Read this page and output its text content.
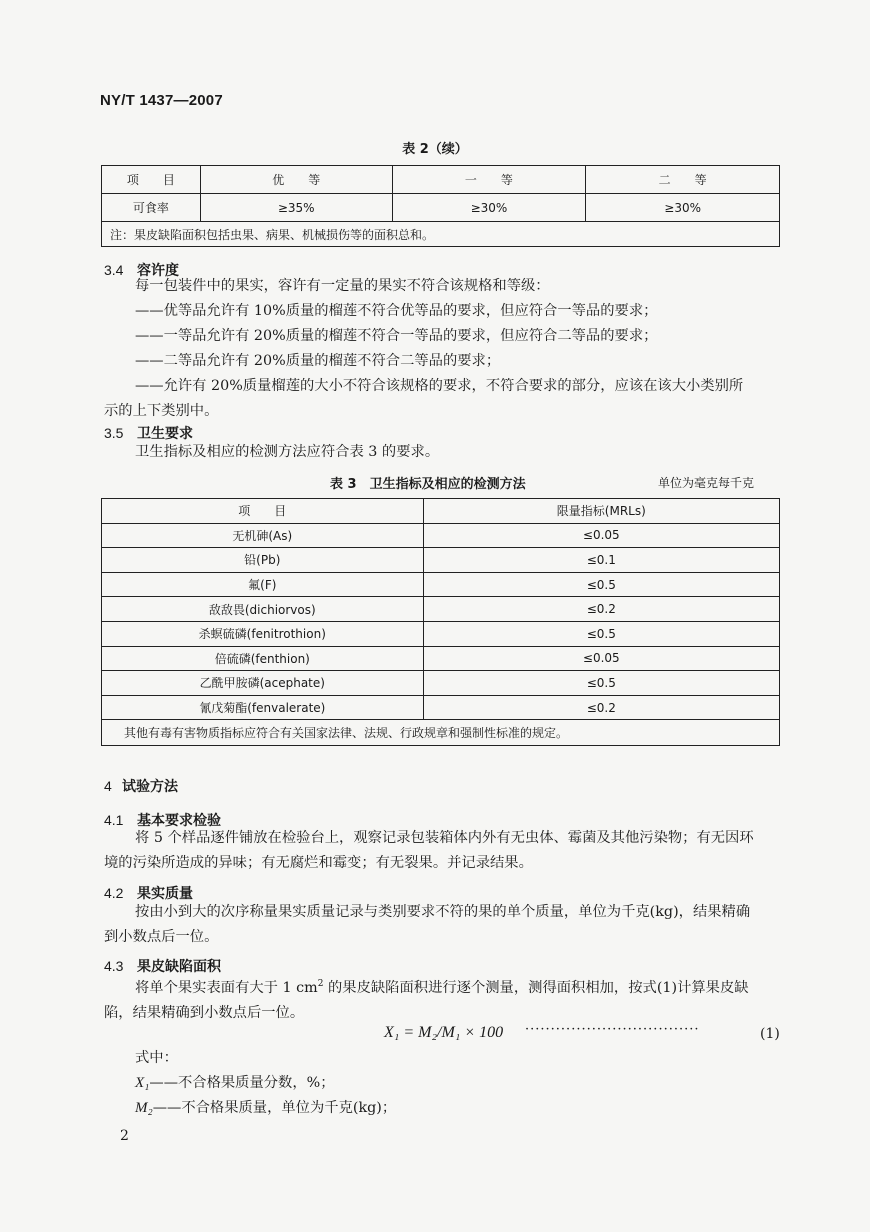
NY/T 1437—2007
表 2（续）
项　　目	优　　等	一　　等	二　　等
可食率	≥35%	≥30%	≥30%
注：果皮缺陷面积包括虫果、病果、机械损伤等的面积总和。			
3.4 容许度
每一包装件中的果实，容许有一定量的果实不符合该规格和等级：
——优等品允许有 10%质量的榴莲不符合优等品的要求，但应符合一等品的要求；
——一等品允许有 20%质量的榴莲不符合一等品的要求，但应符合二等品的要求；
——二等品允许有 20%质量的榴莲不符合二等品的要求；
——允许有 20%质量榴莲的大小不符合该规格的要求，不符合要求的部分，应该在该大小类别所
示的上下类别中。
3.5 卫生要求
卫生指标及相应的检测方法应符合表 3 的要求。
表 3　卫生指标及相应的检测方法	单位为毫克每千克
项　　目	限量指标(MRLs)
无机砷(As)	≤0.05
铅(Pb)	≤0.1
氟(F)	≤0.5
敌敌畏(dichiorvos)	≤0.2
杀螟硫磷(fenitrothion)	≤0.5
倍硫磷(fenthion)	≤0.05
乙酰甲胺磷(acephate)	≤0.5
氰戊菊酯(fenvalerate)	≤0.2
其他有毒有害物质指标应符合有关国家法律、法规、行政规章和强制性标准的规定。	
4 试验方法
4.1 基本要求检验
将 5 个样品逐件铺放在检验台上，观察记录包装箱体内外有无虫体、霉菌及其他污染物；有无因环
境的污染所造成的异味；有无腐烂和霉变；有无裂果。并记录结果。
4.2 果实质量
按由小到大的次序称量果实质量记录与类别要求不符的果的单个质量，单位为千克(kg)，结果精确
到小数点后一位。
4.3 果皮缺陷面积
将单个果实表面有大于 1 $cm^2$ 的果皮缺陷面积进行逐个测量，测得面积相加，按式(1)计算果皮缺
陷，结果精确到小数点后一位。
X₁ = M₂/M₁ × 100 ··································	(1)
式中：
X₁——不合格果质量分数，%；
M₂——不合格果质量，单位为千克(kg)；
2
